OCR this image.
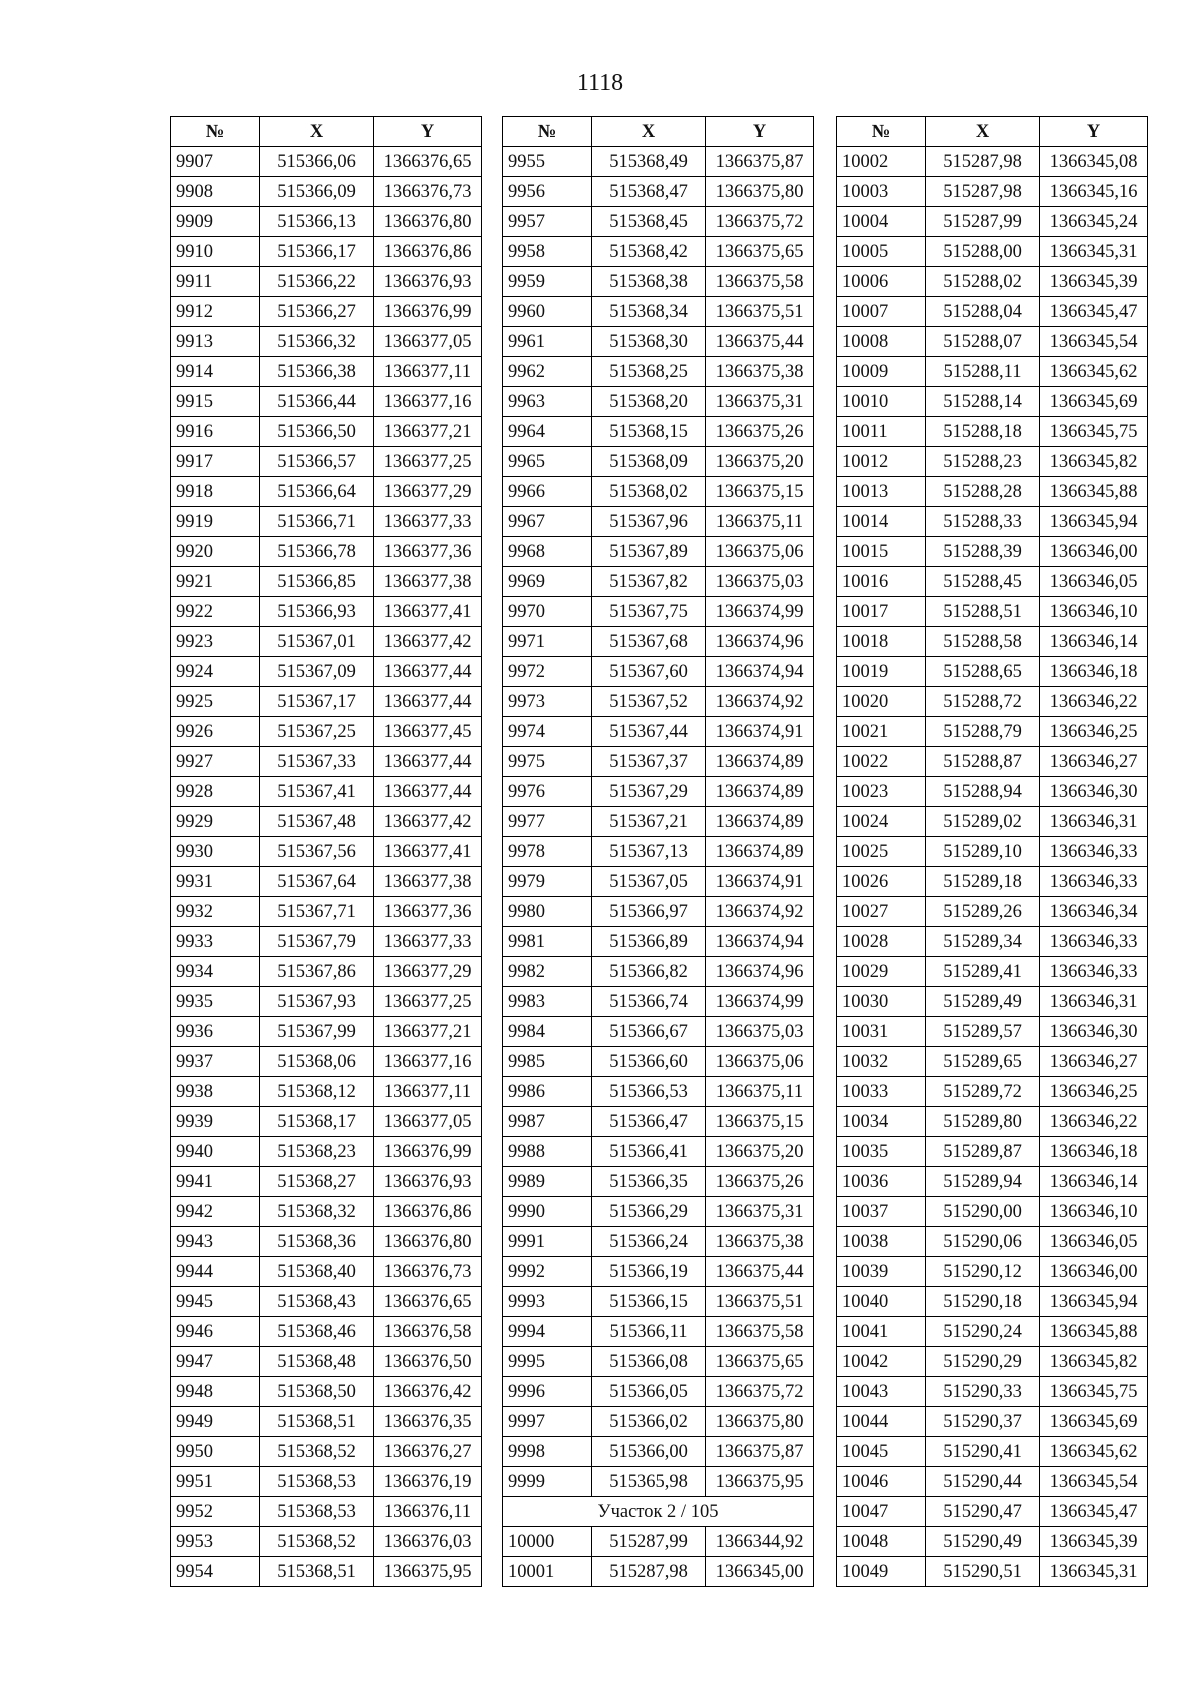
1118
№	X	Y
9907	515366,06	1366376,65
9908	515366,09	1366376,73
9909	515366,13	1366376,80
9910	515366,17	1366376,86
9911	515366,22	1366376,93
9912	515366,27	1366376,99
9913	515366,32	1366377,05
9914	515366,38	1366377,11
9915	515366,44	1366377,16
9916	515366,50	1366377,21
9917	515366,57	1366377,25
9918	515366,64	1366377,29
9919	515366,71	1366377,33
9920	515366,78	1366377,36
9921	515366,85	1366377,38
9922	515366,93	1366377,41
9923	515367,01	1366377,42
9924	515367,09	1366377,44
9925	515367,17	1366377,44
9926	515367,25	1366377,45
9927	515367,33	1366377,44
9928	515367,41	1366377,44
9929	515367,48	1366377,42
9930	515367,56	1366377,41
9931	515367,64	1366377,38
9932	515367,71	1366377,36
9933	515367,79	1366377,33
9934	515367,86	1366377,29
9935	515367,93	1366377,25
9936	515367,99	1366377,21
9937	515368,06	1366377,16
9938	515368,12	1366377,11
9939	515368,17	1366377,05
9940	515368,23	1366376,99
9941	515368,27	1366376,93
9942	515368,32	1366376,86
9943	515368,36	1366376,80
9944	515368,40	1366376,73
9945	515368,43	1366376,65
9946	515368,46	1366376,58
9947	515368,48	1366376,50
9948	515368,50	1366376,42
9949	515368,51	1366376,35
9950	515368,52	1366376,27
9951	515368,53	1366376,19
9952	515368,53	1366376,11
9953	515368,52	1366376,03
9954	515368,51	1366375,95
№	X	Y
9955	515368,49	1366375,87
9956	515368,47	1366375,80
9957	515368,45	1366375,72
9958	515368,42	1366375,65
9959	515368,38	1366375,58
9960	515368,34	1366375,51
9961	515368,30	1366375,44
9962	515368,25	1366375,38
9963	515368,20	1366375,31
9964	515368,15	1366375,26
9965	515368,09	1366375,20
9966	515368,02	1366375,15
9967	515367,96	1366375,11
9968	515367,89	1366375,06
9969	515367,82	1366375,03
9970	515367,75	1366374,99
9971	515367,68	1366374,96
9972	515367,60	1366374,94
9973	515367,52	1366374,92
9974	515367,44	1366374,91
9975	515367,37	1366374,89
9976	515367,29	1366374,89
9977	515367,21	1366374,89
9978	515367,13	1366374,89
9979	515367,05	1366374,91
9980	515366,97	1366374,92
9981	515366,89	1366374,94
9982	515366,82	1366374,96
9983	515366,74	1366374,99
9984	515366,67	1366375,03
9985	515366,60	1366375,06
9986	515366,53	1366375,11
9987	515366,47	1366375,15
9988	515366,41	1366375,20
9989	515366,35	1366375,26
9990	515366,29	1366375,31
9991	515366,24	1366375,38
9992	515366,19	1366375,44
9993	515366,15	1366375,51
9994	515366,11	1366375,58
9995	515366,08	1366375,65
9996	515366,05	1366375,72
9997	515366,02	1366375,80
9998	515366,00	1366375,87
9999	515365,98	1366375,95
Участок 2 / 105		
10000	515287,99	1366344,92
10001	515287,98	1366345,00
№	X	Y
10002	515287,98	1366345,08
10003	515287,98	1366345,16
10004	515287,99	1366345,24
10005	515288,00	1366345,31
10006	515288,02	1366345,39
10007	515288,04	1366345,47
10008	515288,07	1366345,54
10009	515288,11	1366345,62
10010	515288,14	1366345,69
10011	515288,18	1366345,75
10012	515288,23	1366345,82
10013	515288,28	1366345,88
10014	515288,33	1366345,94
10015	515288,39	1366346,00
10016	515288,45	1366346,05
10017	515288,51	1366346,10
10018	515288,58	1366346,14
10019	515288,65	1366346,18
10020	515288,72	1366346,22
10021	515288,79	1366346,25
10022	515288,87	1366346,27
10023	515288,94	1366346,30
10024	515289,02	1366346,31
10025	515289,10	1366346,33
10026	515289,18	1366346,33
10027	515289,26	1366346,34
10028	515289,34	1366346,33
10029	515289,41	1366346,33
10030	515289,49	1366346,31
10031	515289,57	1366346,30
10032	515289,65	1366346,27
10033	515289,72	1366346,25
10034	515289,80	1366346,22
10035	515289,87	1366346,18
10036	515289,94	1366346,14
10037	515290,00	1366346,10
10038	515290,06	1366346,05
10039	515290,12	1366346,00
10040	515290,18	1366345,94
10041	515290,24	1366345,88
10042	515290,29	1366345,82
10043	515290,33	1366345,75
10044	515290,37	1366345,69
10045	515290,41	1366345,62
10046	515290,44	1366345,54
10047	515290,47	1366345,47
10048	515290,49	1366345,39
10049	515290,51	1366345,31
